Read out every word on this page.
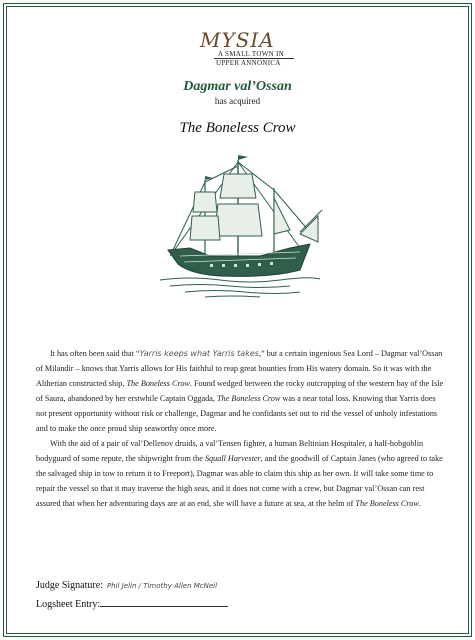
MYSIA
A SMALL TOWN IN
UPPER ANNONICA
Dagmar val’Ossan
has acquired
The Boneless Crow

It has often been said that “Yarris keeps what Yarris takes,” but a certain ingenious Sea Lord – Dagmar val’Ossan of Milandir – knows that Yarris allows for His faithful to reap great bounties from His watery domain. So it was with the Altherian constructed ship, The Boneless Crow. Found wedged between the rocky outcropping of the western bay of the Isle of Saura, abandoned by her erstwhile Captain Oggada, The Boneless Crow was a near total loss. Knowing that Yarris does not present opportunity without risk or challenge, Dagmar and he confidants set out to rid the vessel of unholy infestations and to make the once proud ship seaworthy once more.

With the aid of a pair of val’Dellenov druids, a val’Tensen fighter, a human Beltinian Hospitaler, a half-hobgoblin bodyguard of some repute, the shipwright from the Squall Harvester, and the goodwill of Captain Janes (who agreed to take the salvaged ship in tow to return it to Freeport), Dagmar was able to claim this ship as her own. It will take some time to repair the vessel so that it may traverse the high seas, and it does not come with a crew, but Dagmar val’Ossan can rest assured that when her adventuring days are at an end, she will have a future at sea, at the helm of The Boneless Crow.

Judge Signature: Phil Jelin / Timothy Allen McNeil
Logsheet Entry:
